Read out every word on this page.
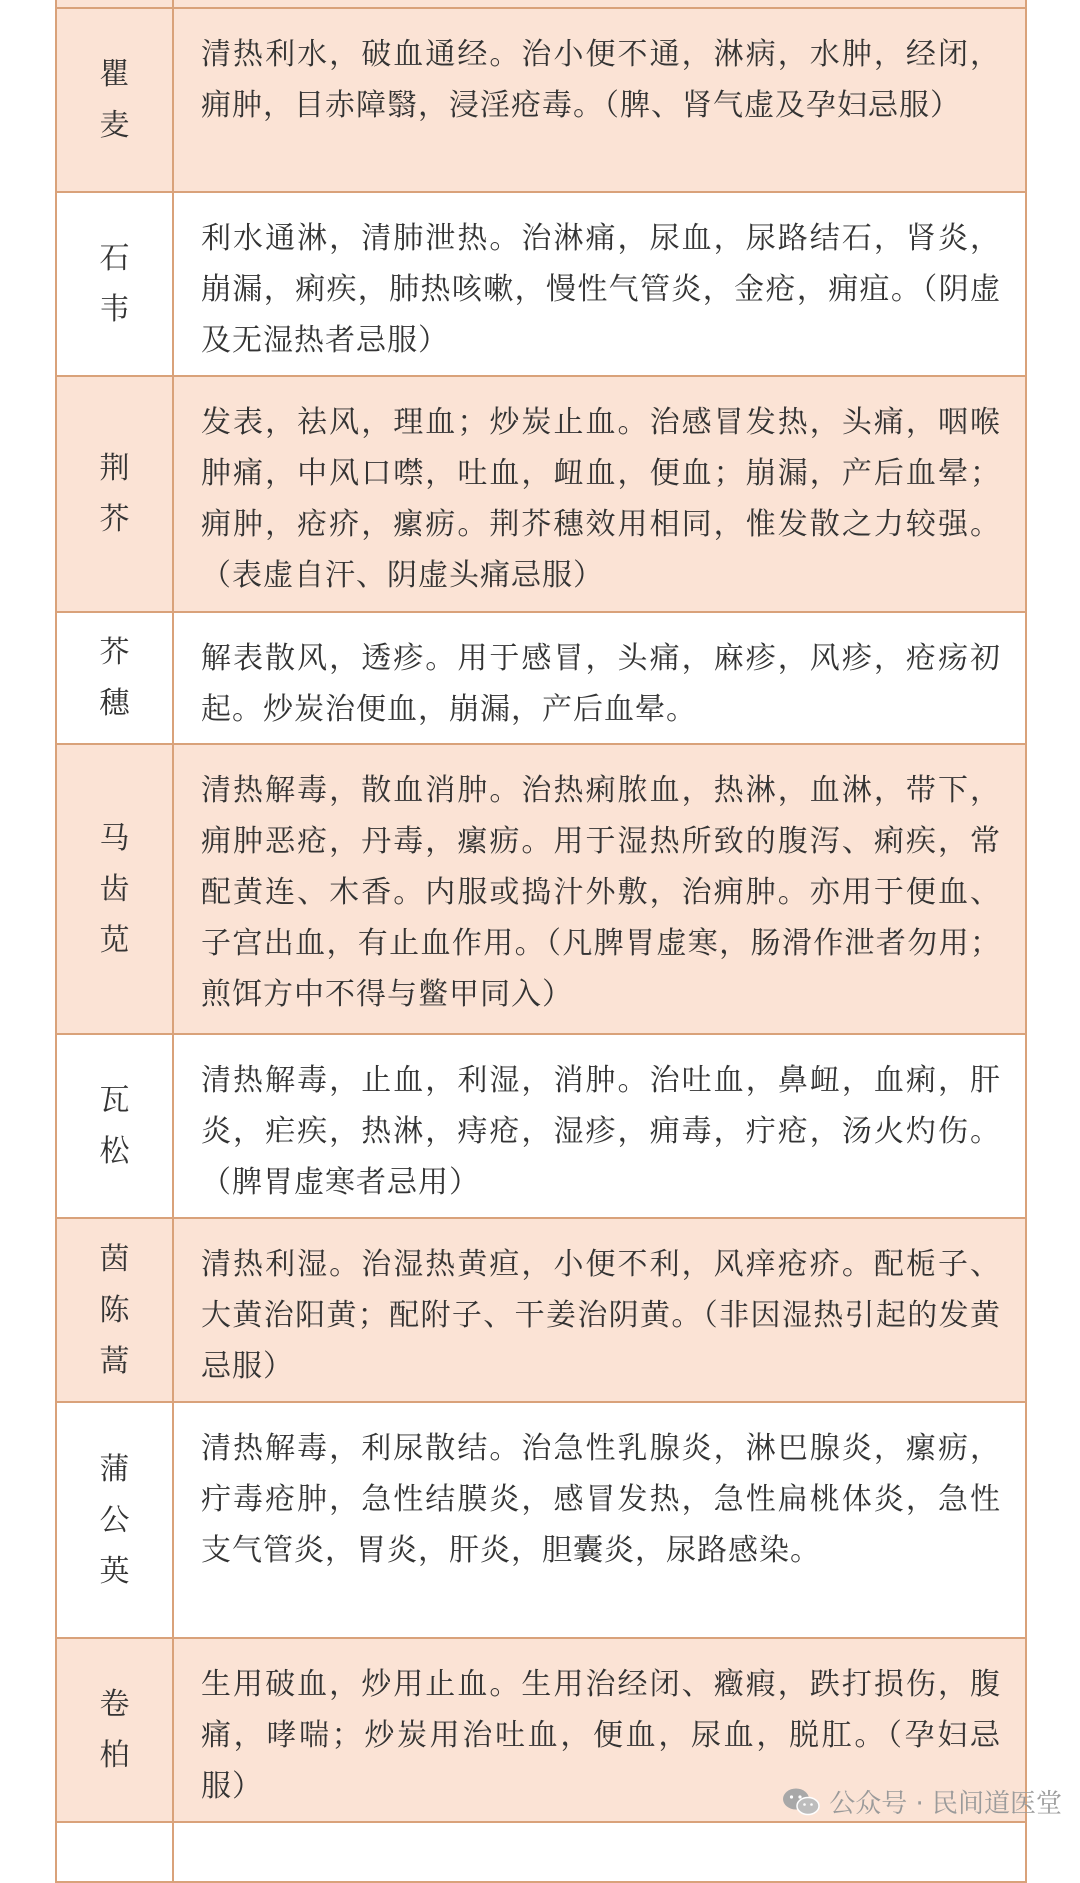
瞿麦
清热利水，破血通经。治小便不通，淋病，水肿，经闭，痈肿，目赤障翳，浸淫疮毒。（脾、肾气虚及孕妇忌服）
石韦
利水通淋，清肺泄热。治淋痛，尿血，尿路结石，肾炎，崩漏，痢疾，肺热咳嗽，慢性气管炎，金疮，痈疽。（阴虚及无湿热者忌服）
荆芥
发表，祛风，理血；炒炭止血。治感冒发热，头痛，咽喉肿痛，中风口噤，吐血，衄血，便血；崩漏，产后血晕；痈肿，疮疥，瘰疬。荆芥穗效用相同，惟发散之力较强。（表虚自汗、阴虚头痛忌服）
芥穗
解表散风，透疹。用于感冒，头痛，麻疹，风疹，疮疡初起。炒炭治便血，崩漏，产后血晕。
马齿苋
清热解毒，散血消肿。治热痢脓血，热淋，血淋，带下，痈肿恶疮，丹毒，瘰疬。用于湿热所致的腹泻、痢疾，常配黄连、木香。内服或捣汁外敷，治痈肿。亦用于便血、子宫出血，有止血作用。（凡脾胃虚寒，肠滑作泄者勿用；煎饵方中不得与鳖甲同入）
瓦松
清热解毒，止血，利湿，消肿。治吐血，鼻衄，血痢，肝炎，疟疾，热淋，痔疮，湿疹，痈毒，疔疮，汤火灼伤。（脾胃虚寒者忌用）
茵陈蒿
清热利湿。治湿热黄疸，小便不利，风痒疮疥。配栀子、大黄治阳黄；配附子、干姜治阴黄。（非因湿热引起的发黄忌服）
蒲公英
清热解毒，利尿散结。治急性乳腺炎，淋巴腺炎，瘰疬，疔毒疮肿，急性结膜炎，感冒发热，急性扁桃体炎，急性支气管炎，胃炎，肝炎，胆囊炎，尿路感染。
卷柏
生用破血，炒用止血。生用治经闭、癥瘕，跌打损伤，腹痛，哮喘；炒炭用治吐血，便血，尿血，脱肛。（孕妇忌服）	公众号 · 民间道医堂
